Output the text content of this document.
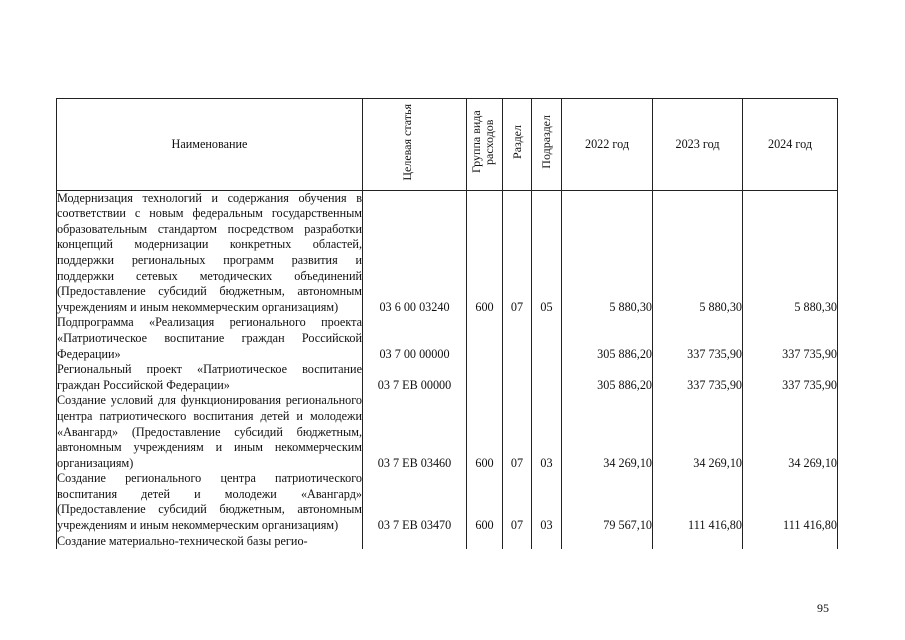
Наименование	Целевая статья	Группа вида расходов	Раздел	Подраздел	2022 год	2023 год	2024 год
Модернизация технологий и содержания обучения в соответствии с новым федеральным государственным образовательным стандартом посредством разработки концепций модернизации конкретных областей, поддержки региональных программ развития и поддержки сетевых методических объединений (Предоставление субсидий бюджетным, автономным учреждениям и иным некоммерческим организациям)	03 6 00 03240	600	07	05	5 880,30	5 880,30	5 880,30
Подпрограмма «Реализация регионального проекта «Патриотическое воспитание граждан Российской Федерации»	03 7 00 00000				305 886,20	337 735,90	337 735,90
Региональный проект «Патриотическое воспитание граждан Российской Федерации»	03 7 ЕВ 00000				305 886,20	337 735,90	337 735,90
Создание условий для функционирования регионального центра патриотического воспитания детей и молодежи «Авангард» (Предоставление субсидий бюджетным, автономным учреждениям и иным некоммерческим организациям)	03 7 ЕВ 03460	600	07	03	34 269,10	34 269,10	34 269,10
Создание регионального центра патриотического воспитания детей и молодежи «Авангард» (Предоставление субсидий бюджетным, автономным учреждениям и иным некоммерческим организациям)	03 7 ЕВ 03470	600	07	03	79 567,10	111 416,80	111 416,80
Создание материально-технической базы регио-							
95
